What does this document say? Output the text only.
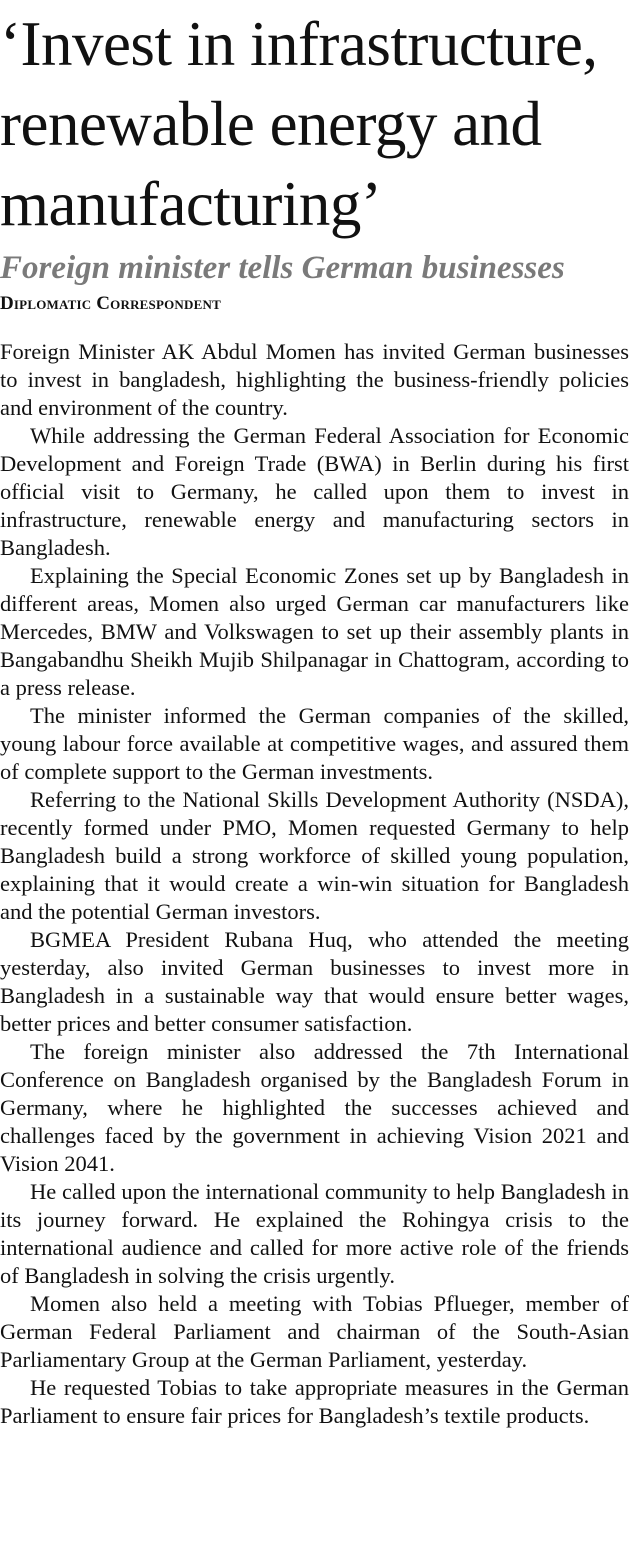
‘Invest in infrastructure,
renewable energy and
manufacturing’
Foreign minister tells German businesses
Diplomatic Correspondent

Foreign Minister AK Abdul Momen has invited German businesses to invest in bangladesh, highlighting the business-friendly policies and environment of the country.

While addressing the German Federal Association for Economic Development and Foreign Trade (BWA) in Berlin during his first official visit to Germany, he called upon them to invest in infrastructure, renewable energy and manufacturing sectors in Bangladesh.

Explaining the Special Economic Zones set up by Bangladesh in different areas, Momen also urged German car manufacturers like Mercedes, BMW and Volkswagen to set up their assembly plants in Bangabandhu Sheikh Mujib Shilpanagar in Chattogram, according to a press release.

The minister informed the German companies of the skilled, young labour force available at competitive wages, and assured them of complete support to the German investments.

Referring to the National Skills Development Authority (NSDA), recently formed under PMO, Momen requested Germany to help Bangladesh build a strong workforce of skilled young population, explaining that it would create a win-win situation for Bangladesh and the potential German investors.

BGMEA President Rubana Huq, who attended the meeting yesterday, also invited German businesses to invest more in Bangladesh in a sustainable way that would ensure better wages, better prices and better consumer satisfaction.

The foreign minister also addressed the 7th International Conference on Bangladesh organised by the Bangladesh Forum in Germany, where he highlighted the successes achieved and challenges faced by the government in achieving Vision 2021 and Vision 2041.

He called upon the international community to help Bangladesh in its journey forward. He explained the Rohingya crisis to the international audience and called for more active role of the friends of Bangladesh in solving the crisis urgently.

Momen also held a meeting with Tobias Pflueger, member of German Federal Parliament and chairman of the South-Asian Parliamentary Group at the German Parliament, yesterday.

He requested Tobias to take appropriate measures in the German Parliament to ensure fair prices for Bangladesh’s textile products.
